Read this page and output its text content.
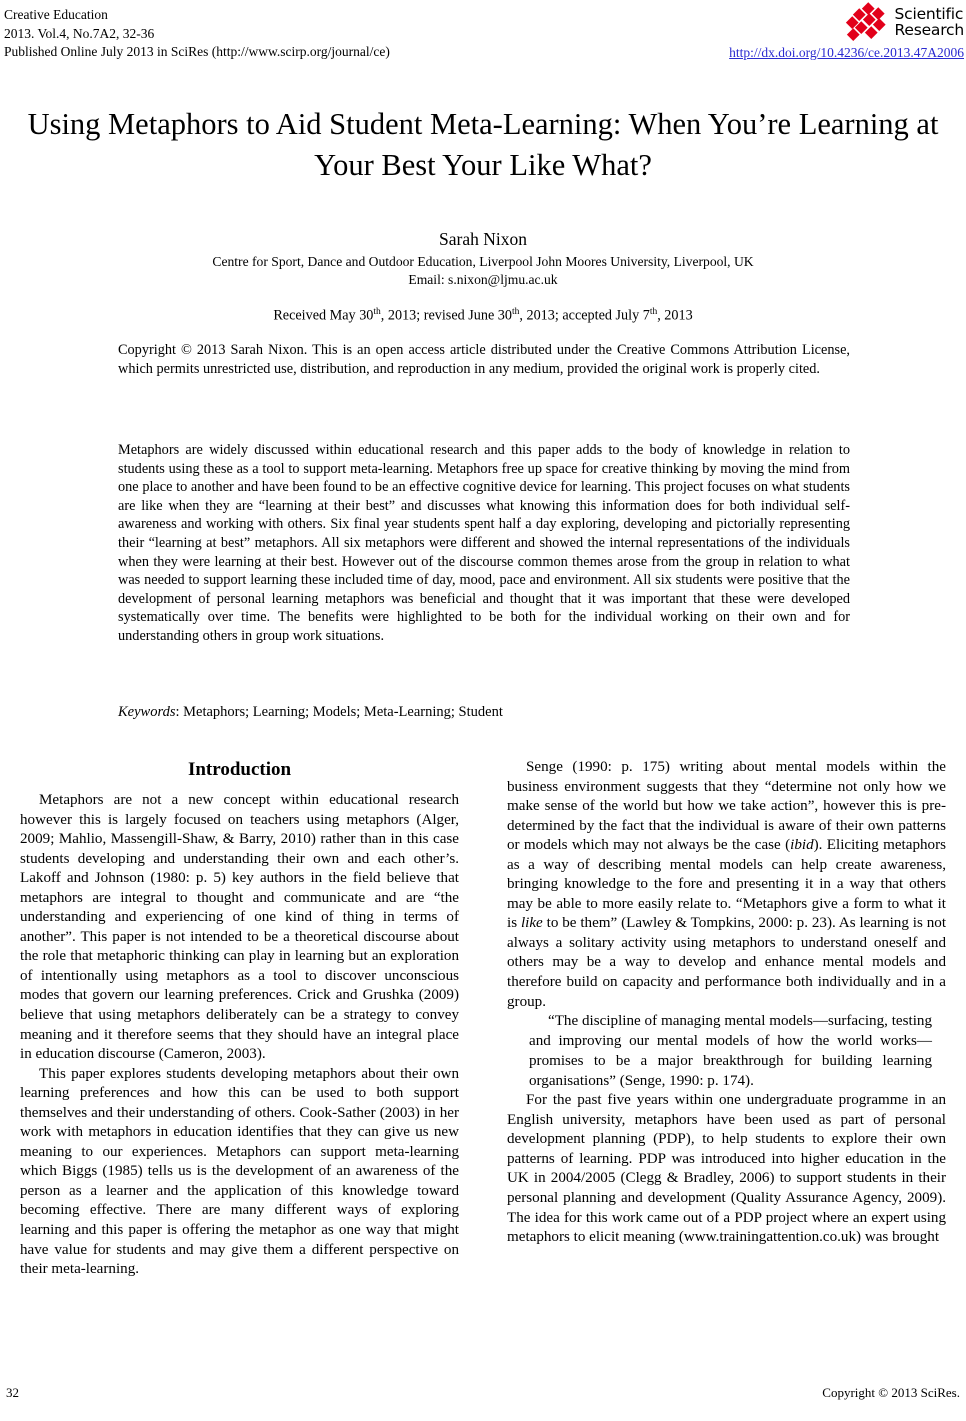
Creative Education
2013. Vol.4, No.7A2, 32-36
Published Online July 2013 in SciRes (http://www.scirp.org/journal/ce)
Scientific
Research
http://dx.doi.org/10.4236/ce.2013.47A2006
Using Metaphors to Aid Student Meta-Learning: When You’re Learning at Your Best Your Like What?
Sarah Nixon
Centre for Sport, Dance and Outdoor Education, Liverpool John Moores University, Liverpool, UK
Email: s.nixon@ljmu.ac.uk
Received May 30th, 2013; revised June 30th, 2013; accepted July 7th, 2013
Copyright © 2013 Sarah Nixon. This is an open access article distributed under the Creative Commons Attribution License, which permits unrestricted use, distribution, and reproduction in any medium, provided the original work is properly cited.
Metaphors are widely discussed within educational research and this paper adds to the body of knowledge in relation to students using these as a tool to support meta-learning. Metaphors free up space for creative thinking by moving the mind from one place to another and have been found to be an effective cognitive device for learning. This project focuses on what students are like when they are “learning at their best” and discusses what knowing this information does for both individual self-awareness and working with others. Six final year students spent half a day exploring, developing and pictorially representing their “learning at best” metaphors. All six metaphors were different and showed the internal representations of the individuals when they were learning at their best. However out of the discourse common themes arose from the group in relation to what was needed to support learning these included time of day, mood, pace and environment. All six students were positive that the development of personal learning metaphors was beneficial and thought that it was important that these were developed systematically over time. The benefits were highlighted to be both for the individual working on their own and for understanding others in group work situations.
Keywords: Metaphors; Learning; Models; Meta-Learning; Student
Introduction

Metaphors are not a new concept within educational research however this is largely focused on teachers using metaphors (Alger, 2009; Mahlio, Massengill-Shaw, & Barry, 2010) rather than in this case students developing and understanding their own and each other’s. Lakoff and Johnson (1980: p. 5) key authors in the field believe that metaphors are integral to thought and communicate and are “the understanding and experiencing of one kind of thing in terms of another”. This paper is not intended to be a theoretical discourse about the role that metaphoric thinking can play in learning but an exploration of intentionally using metaphors as a tool to discover unconscious modes that govern our learning preferences. Crick and Grushka (2009) believe that using metaphors deliberately can be a strategy to convey meaning and it therefore seems that they should have an integral place in education discourse (Cameron, 2003).

This paper explores students developing metaphors about their own learning preferences and how this can be used to both support themselves and their understanding of others. Cook-Sather (2003) in her work with metaphors in education identifies that they can give us new meaning to our experiences. Metaphors can support meta-learning which Biggs (1985) tells us is the development of an awareness of the person as a learner and the application of this knowledge toward becoming effective. There are many different ways of exploring learning and this paper is offering the metaphor as one way that might have value for students and may give them a different perspective on their meta-learning.

Senge (1990: p. 175) writing about mental models within the business environment suggests that they “determine not only how we make sense of the world but how we take action”, however this is pre-determined by the fact that the individual is aware of their own patterns or models which may not always be the case (ibid). Eliciting metaphors as a way of describing mental models can help create awareness, bringing knowledge to the fore and presenting it in a way that others may be able to more easily relate to. “Metaphors give a form to what it is like to be them” (Lawley & Tompkins, 2000: p. 23). As learning is not always a solitary activity using metaphors to understand oneself and others may be a way to develop and enhance mental models and therefore build on capacity and performance both individually and in a group.

“The discipline of managing mental models—surfacing, testing and improving our mental models of how the world works—promises to be a major breakthrough for building learning organisations” (Senge, 1990: p. 174).

For the past five years within one undergraduate programme in an English university, metaphors have been used as part of personal development planning (PDP), to help students to explore their own patterns of learning. PDP was introduced into higher education in the UK in 2004/2005 (Clegg & Bradley, 2006) to support students in their personal planning and development (Quality Assurance Agency, 2009). The idea for this work came out of a PDP project where an expert using metaphors to elicit meaning (www.trainingattention.co.uk) was brought

32	Copyright © 2013 SciRes.
